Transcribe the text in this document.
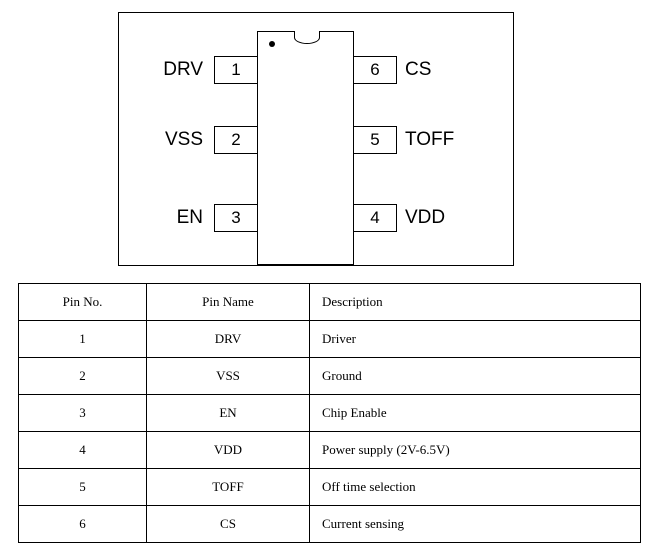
1
DRV
2
VSS
3
EN
6	CS
5	TOFF
4	VDD
Pin No.	Pin Name	Description
1	DRV	Driver
2	VSS	Ground
3	EN	Chip Enable
4	VDD	Power supply (2V-6.5V)
5	TOFF	Off time selection
6	CS	Current sensing
